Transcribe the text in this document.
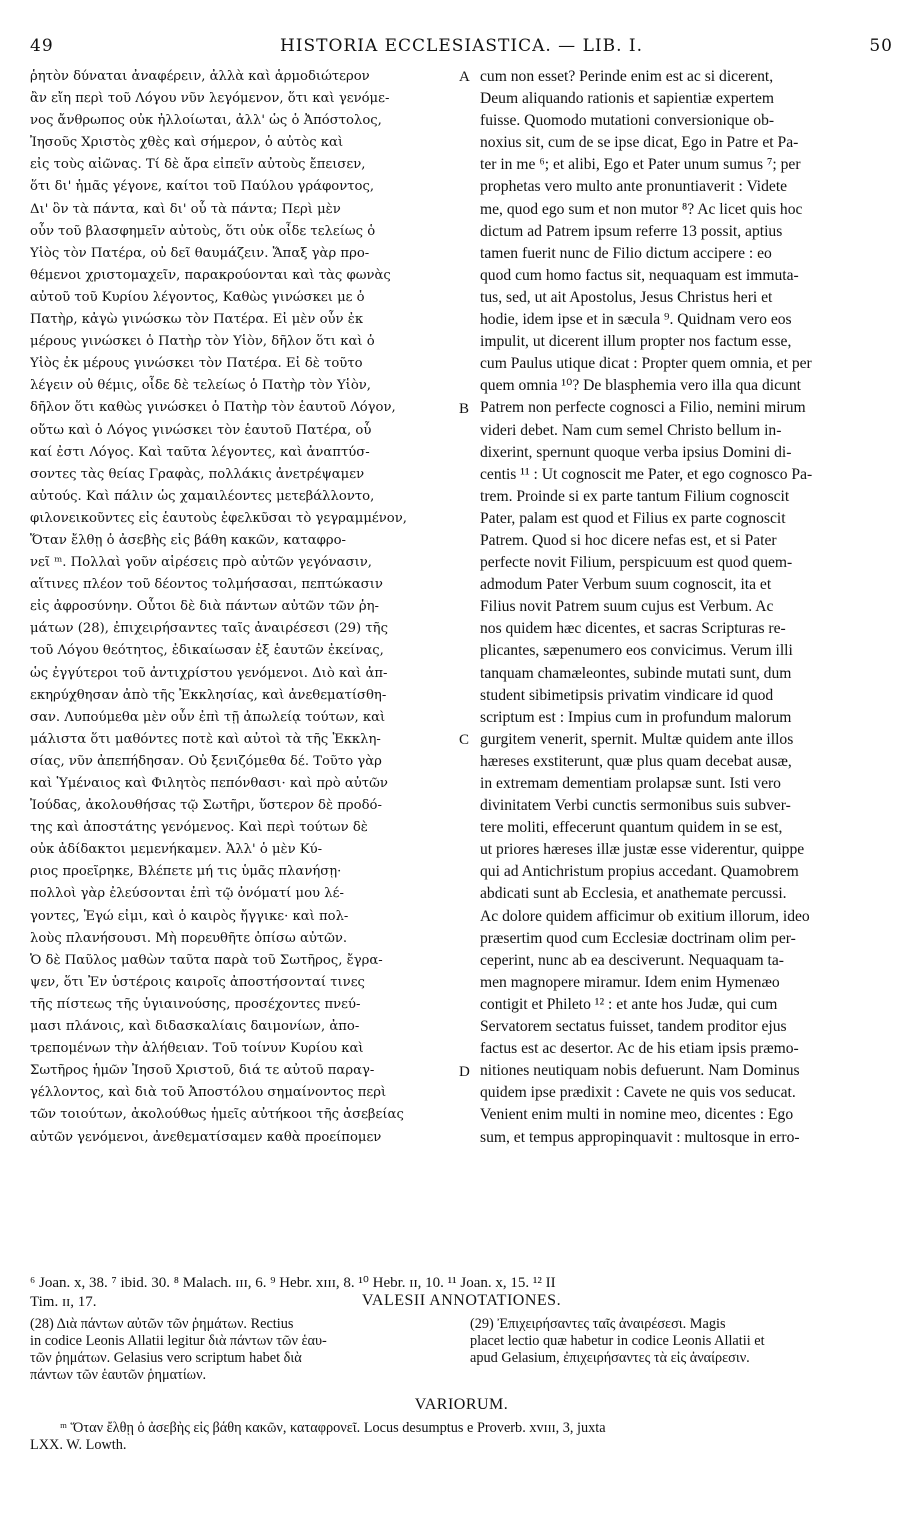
49	HISTORIA ECCLESIASTICA. — LIB. I.	50
ῥητὸν δύναται ἀναφέρειν, ἀλλὰ καὶ ἁρμοδιώτερον
ἂν εἴη περὶ τοῦ Λόγου νῦν λεγόμενον, ὅτι καὶ γενόμε-
νος ἄνθρωπος οὐκ ἠλλοίωται, ἀλλ' ὡς ὁ Ἀπόστολος,
Ἰησοῦς Χριστὸς χθὲς καὶ σήμερον, ὁ αὐτὸς καὶ
εἰς τοὺς αἰῶνας. Τί δὲ ἄρα εἰπεῖν αὐτοὺς ἔπεισεν,
ὅτι δι' ἡμᾶς γέγονε, καίτοι τοῦ Παύλου γράφοντος,
Δι' ὃν τὰ πάντα, καὶ δι' οὗ τὰ πάντα; Περὶ μὲν
οὖν τοῦ βλασφημεῖν αὐτοὺς, ὅτι οὐκ οἶδε τελείως ὁ
Υἱὸς τὸν Πατέρα, οὐ δεῖ θαυμάζειν. Ἅπαξ γὰρ προ-
θέμενοι χριστομαχεῖν, παρακρούονται καὶ τὰς φωνὰς
αὐτοῦ τοῦ Κυρίου λέγοντος, Καθὼς γινώσκει με ὁ
Πατὴρ, κἀγὼ γινώσκω τὸν Πατέρα. Εἰ μὲν οὖν ἐκ
μέρους γινώσκει ὁ Πατὴρ τὸν Υἱὸν, δῆλον ὅτι καὶ ὁ
Υἱὸς ἐκ μέρους γινώσκει τὸν Πατέρα. Εἰ δὲ τοῦτο
λέγειν οὐ θέμις, οἶδε δὲ τελείως ὁ Πατὴρ τὸν Υἱὸν,
δῆλον ὅτι καθὼς γινώσκει ὁ Πατὴρ τὸν ἑαυτοῦ Λόγον,
οὕτω καὶ ὁ Λόγος γινώσκει τὸν ἑαυτοῦ Πατέρα, οὗ
καί ἐστι Λόγος. Καὶ ταῦτα λέγοντες, καὶ ἀναπτύσ-
σοντες τὰς θείας Γραφὰς, πολλάκις ἀνετρέψαμεν
αὐτούς. Καὶ πάλιν ὡς χαμαιλέοντες μετεβάλλοντο,
φιλονεικοῦντες εἰς ἑαυτοὺς ἑφελκῦσαι τὸ γεγραμμένον,
Ὅταν ἔλθῃ ὁ ἀσεβὴς εἰς βάθη κακῶν, καταφρο-
νεῖ ᵐ. Πολλαὶ γοῦν αἱρέσεις πρὸ αὐτῶν γεγόνασιν,
αἵτινες πλέον τοῦ δέοντος τολμήσασαι, πεπτώκασιν
εἰς ἀφροσύνην. Οὗτοι δὲ διὰ πάντων αὐτῶν τῶν ῥη-
μάτων (28), ἐπιχειρήσαντες ταῖς ἀναιρέσεσι (29) τῆς
τοῦ Λόγου θεότητος, ἐδικαίωσαν ἐξ ἑαυτῶν ἐκείνας,
ὡς ἐγγύτεροι τοῦ ἀντιχρίστου γενόμενοι. Διὸ καὶ ἀπ-
εκηρύχθησαν ἀπὸ τῆς Ἐκκλησίας, καὶ ἀνεθεματίσθη-
σαν. Λυπούμεθα μὲν οὖν ἐπὶ τῇ ἀπωλείᾳ τούτων, καὶ
μάλιστα ὅτι μαθόντες ποτὲ καὶ αὐτοὶ τὰ τῆς Ἐκκλη-
σίας, νῦν ἀπεπήδησαν. Οὐ ξενιζόμεθα δέ. Τοῦτο γὰρ
καὶ Ὑμέναιος καὶ Φιλητὸς πεπόνθασι· καὶ πρὸ αὐτῶν
Ἰούδας, ἀκολουθήσας τῷ Σωτῆρι, ὕστερον δὲ προδό-
της καὶ ἀποστάτης γενόμενος. Καὶ περὶ τούτων δὲ
οὐκ ἀδίδακτοι μεμενήκαμεν. Ἀλλ' ὁ μὲν Κύ-
ριος προεῖρηκε, Βλέπετε μή τις ὑμᾶς πλανήσῃ·
πολλοὶ γὰρ ἐλεύσονται ἐπὶ τῷ ὀνόματί μου λέ-
γοντες, Ἐγώ εἰμι, καὶ ὁ καιρὸς ἤγγικε· καὶ πολ-
λοὺς πλανήσουσι. Μὴ πορευθῆτε ὀπίσω αὐτῶν.
Ὁ δὲ Παῦλος μαθὼν ταῦτα παρὰ τοῦ Σωτῆρος, ἔγρα-
ψεν, ὅτι Ἐν ὑστέροις καιροῖς ἀποστήσονταί τινες
τῆς πίστεως τῆς ὑγιαινούσης, προσέχοντες πνεύ-
μασι πλάνοις, καὶ διδασκαλίαις δαιμονίων, ἀπο-
τρεπομένων τὴν ἀλήθειαν. Τοῦ τοίνυν Κυρίου καὶ
Σωτῆρος ἡμῶν Ἰησοῦ Χριστοῦ, διά τε αὐτοῦ παραγ-
γέλλοντος, καὶ διὰ τοῦ Ἀποστόλου σημαίνοντος περὶ
τῶν τοιούτων, ἀκολούθως ἡμεῖς αὐτήκοοι τῆς ἀσεβείας
αὐτῶν γενόμενοι, ἀνεθεματίσαμεν καθὰ προείπομεν
cum non esset? Perinde enim est ac si dicerent,
Deum aliquando rationis et sapientiæ expertem
fuisse. Quomodo mutationi conversionique ob-
noxius sit, cum de se ipse dicat, Ego in Patre et Pa-
ter in me ⁶; et alibi, Ego et Pater unum sumus ⁷; per
prophetas vero multo ante pronuntiaverit : Videte
me, quod ego sum et non mutor ⁸? Ac licet quis hoc
dictum ad Patrem ipsum referre 13 possit, aptius
tamen fuerit nunc de Filio dictum accipere : eo
quod cum homo factus sit, nequaquam est immuta-
tus, sed, ut ait Apostolus, Jesus Christus heri et
hodie, idem ipse et in sæcula ⁹. Quidnam vero eos
impulit, ut dicerent illum propter nos factum esse,
cum Paulus utique dicat : Propter quem omnia, et per
quem omnia ¹⁰? De blasphemia vero illa qua dicunt
Patrem non perfecte cognosci a Filio, nemini mirum
videri debet. Nam cum semel Christo bellum in-
dixerint, spernunt quoque verba ipsius Domini di-
centis ¹¹ : Ut cognoscit me Pater, et ego cognosco Pa-
trem. Proinde si ex parte tantum Filium cognoscit
Pater, palam est quod et Filius ex parte cognoscit
Patrem. Quod si hoc dicere nefas est, et si Pater
perfecte novit Filium, perspicuum est quod quem-
admodum Pater Verbum suum cognoscit, ita et
Filius novit Patrem suum cujus est Verbum. Ac
nos quidem hæc dicentes, et sacras Scripturas re-
plicantes, sæpenumero eos convicimus. Verum illi
tanquam chamæleontes, subinde mutati sunt, dum
student sibimetipsis privatim vindicare id quod
scriptum est : Impius cum in profundum malorum
gurgitem venerit, spernit. Multæ quidem ante illos
hæreses exstiterunt, quæ plus quam decebat ausæ,
in extremam dementiam prolapsæ sunt. Isti vero
divinitatem Verbi cunctis sermonibus suis subver-
tere moliti, effecerunt quantum quidem in se est,
ut priores hæreses illæ justæ esse viderentur, quippe
qui ad Antichristum propius accedant. Quamobrem
abdicati sunt ab Ecclesia, et anathemate percussi.
Ac dolore quidem afficimur ob exitium illorum, ideo
præsertim quod cum Ecclesiæ doctrinam olim per-
ceperint, nunc ab ea desciverunt. Nequaquam ta-
men magnopere miramur. Idem enim Hymenæo
contigit et Phileto ¹² : et ante hos Judæ, qui cum
Servatorem sectatus fuisset, tandem proditor ejus
factus est ac desertor. Ac de his etiam ipsis præmo-
nitiones neutiquam nobis defuerunt. Nam Dominus
quidem ipse prædixit : Cavete ne quis vos seducat.
Venient enim multi in nomine meo, dicentes : Ego
sum, et tempus appropinquavit : multosque in erro-
A
B
C
D
⁶ Joan. x, 38. ⁷ ibid. 30. ⁸ Malach. ɪɪɪ, 6. ⁹ Hebr. xɪɪɪ, 8. ¹⁰ Hebr. ɪɪ, 10. ¹¹ Joan. x, 15. ¹² II
Tim. ɪɪ, 17.	VALESII ANNOTATIONES.
(28) Διὰ πάντων αὐτῶν τῶν ῥημάτων. Rectius
in codice Leonis Allatii legitur διὰ πάντων τῶν ἑαυ-
τῶν ῥημάτων. Gelasius vero scriptum habet διὰ
πάντων τῶν ἑαυτῶν ῥηματίων.
(29) Ἐπιχειρήσαντες ταῖς ἀναιρέσεσι. Magis
placet lectio quæ habetur in codice Leonis Allatii et
apud Gelasium, ἐπιχειρήσαντες τὰ εἰς ἀναίρεσιν.
VARIORUM.
ᵐ Ὅταν ἔλθῃ ὁ ἀσεβὴς εἰς βάθη κακῶν, καταφρονεῖ. Locus desumptus e Proverb. xvɪɪɪ, 3, juxta
LXX. W. Lowth.
